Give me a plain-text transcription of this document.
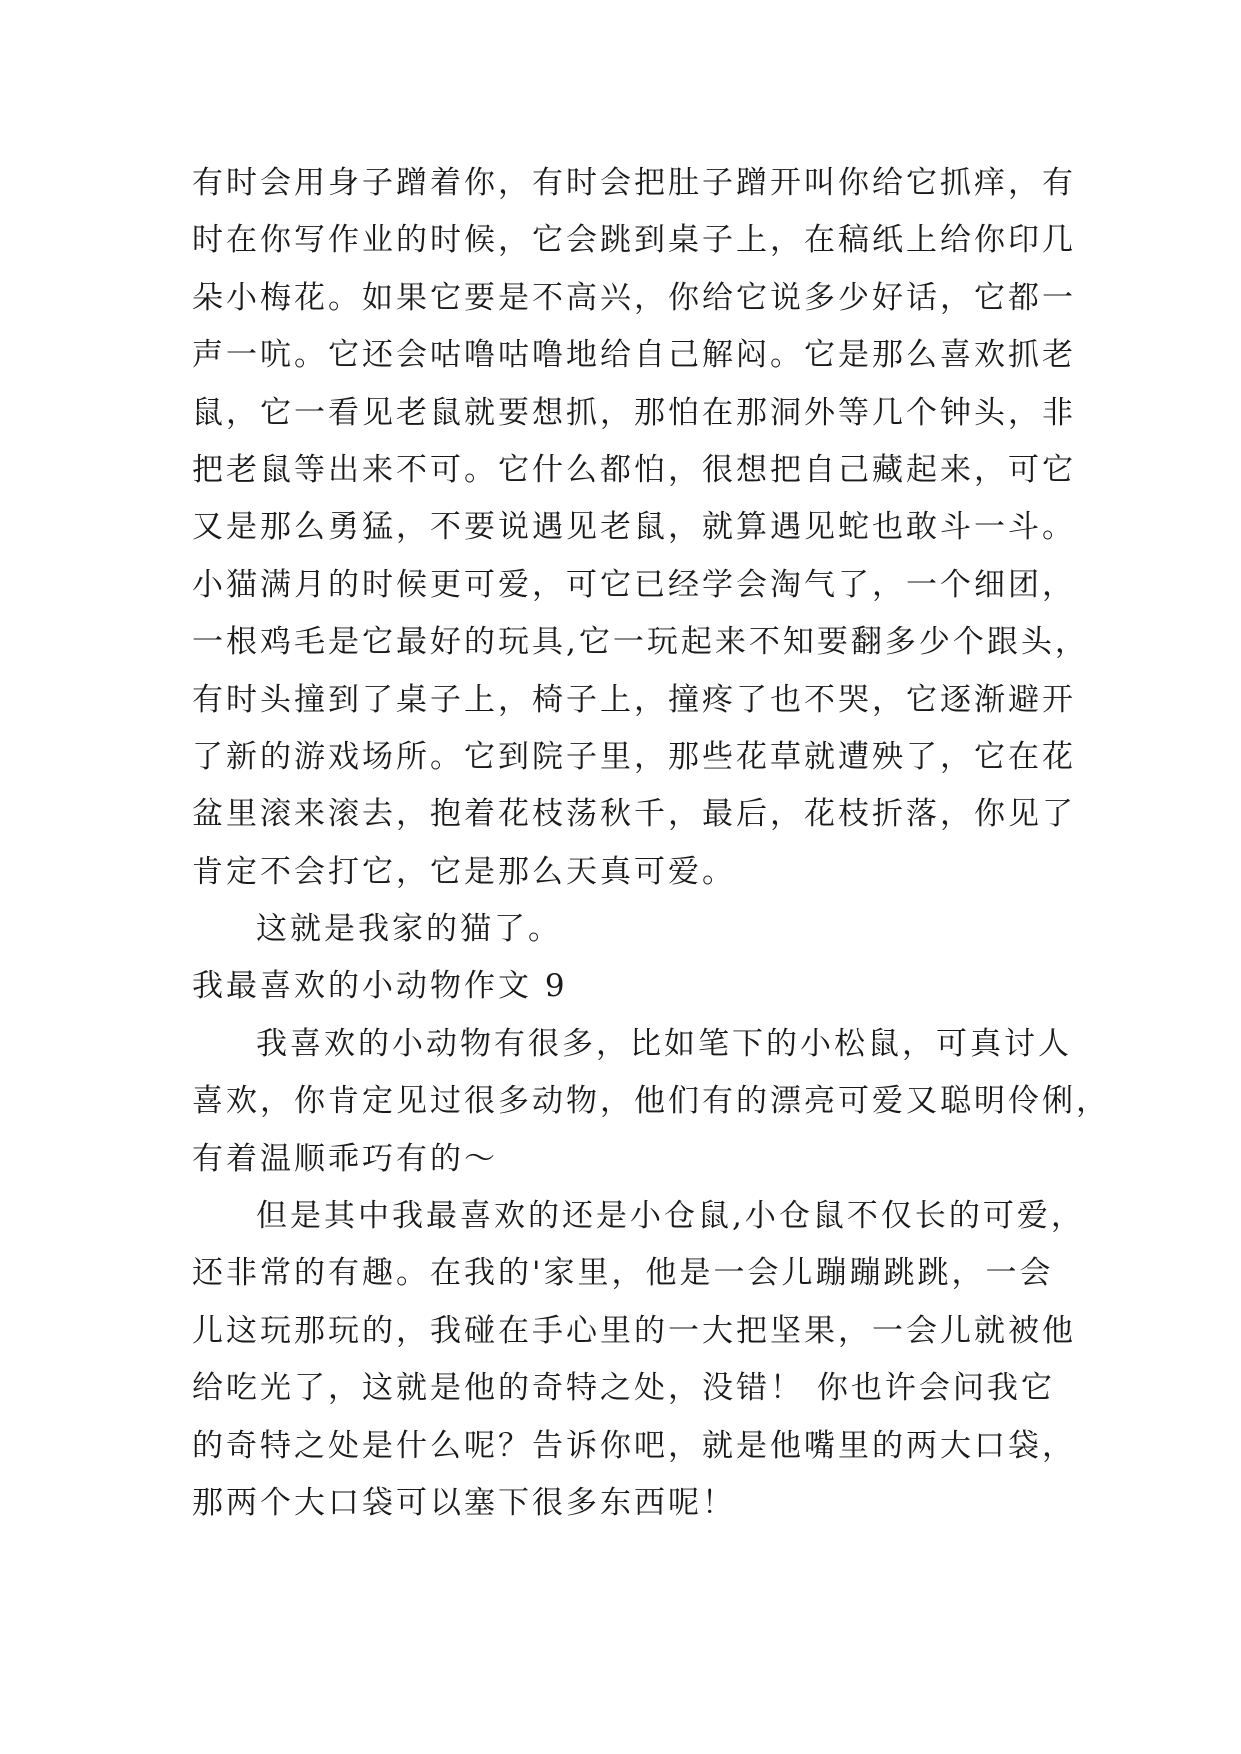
有时会用身子蹭着你，有时会把肚子蹭开叫你给它抓痒，有
时在你写作业的时候，它会跳到桌子上，在稿纸上给你印几
朵小梅花。如果它要是不高兴，你给它说多少好话，它都一
声一吭。它还会咕噜咕噜地给自己解闷。它是那么喜欢抓老
鼠，它一看见老鼠就要想抓，那怕在那洞外等几个钟头，非
把老鼠等出来不可。它什么都怕，很想把自己藏起来，可它
又是那么勇猛，不要说遇见老鼠，就算遇见蛇也敢斗一斗。
小猫满月的时候更可爱，可它已经学会淘气了，一个细团，
一根鸡毛是它最好的玩具,它一玩起来不知要翻多少个跟头，
有时头撞到了桌子上，椅子上，撞疼了也不哭，它逐渐避开
了新的游戏场所。它到院子里，那些花草就遭殃了，它在花
盆里滚来滚去，抱着花枝荡秋千，最后，花枝折落，你见了
肯定不会打它，它是那么天真可爱。
这就是我家的猫了。
我最喜欢的小动物作文 9
我喜欢的小动物有很多，比如笔下的小松鼠，可真讨人
喜欢，你肯定见过很多动物，他们有的漂亮可爱又聪明伶俐，
有着温顺乖巧有的～
但是其中我最喜欢的还是小仓鼠,小仓鼠不仅长的可爱，
还非常的有趣。在我的'家里，他是一会儿蹦蹦跳跳，一会
儿这玩那玩的，我碰在手心里的一大把坚果，一会儿就被他
给吃光了，这就是他的奇特之处，没错！ 你也许会问我它
的奇特之处是什么呢？告诉你吧，就是他嘴里的两大口袋，
那两个大口袋可以塞下很多东西呢！
